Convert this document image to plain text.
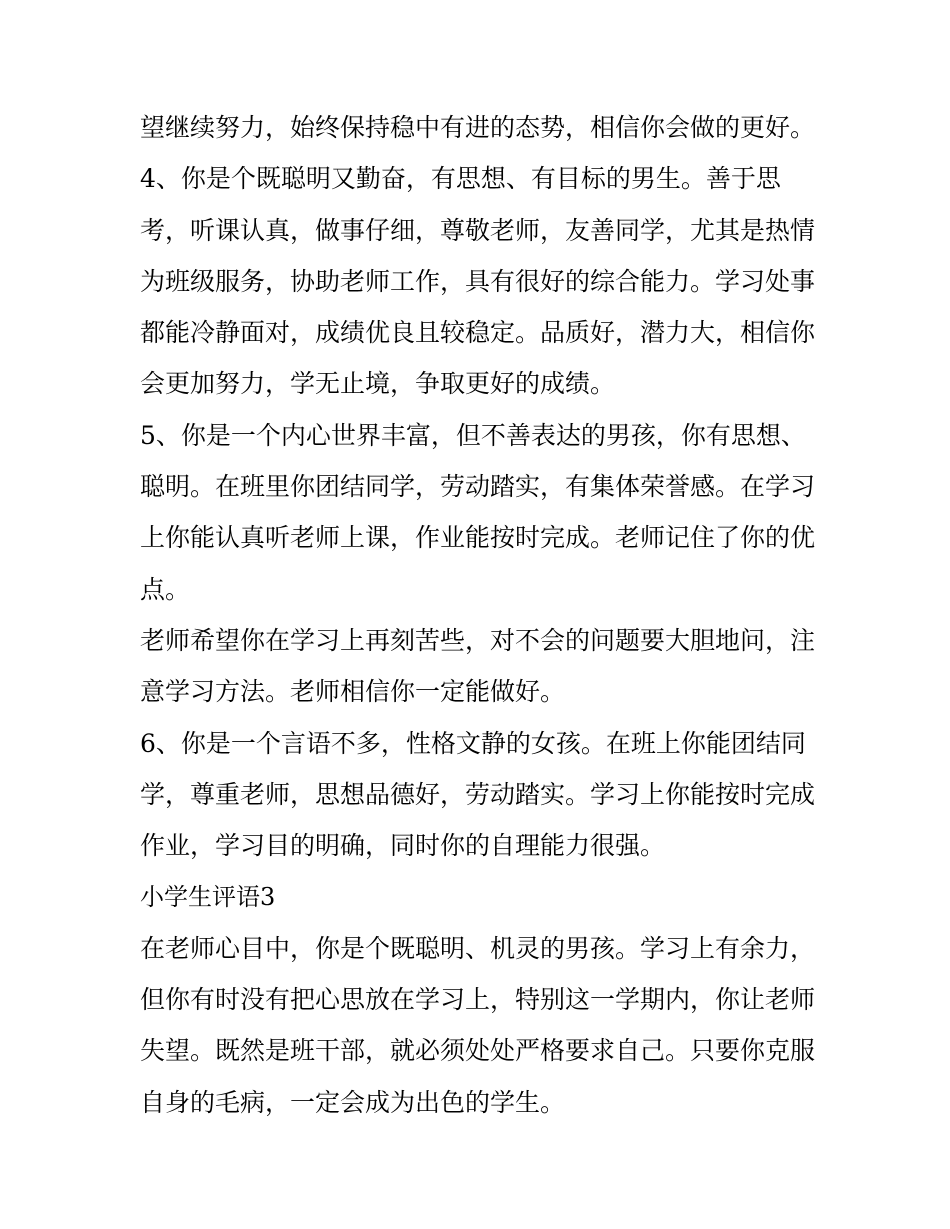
望继续努力，始终保持稳中有进的态势，相信你会做的更好。
4、你是个既聪明又勤奋，有思想、有目标的男生。善于思
考，听课认真，做事仔细，尊敬老师，友善同学，尤其是热情
为班级服务，协助老师工作，具有很好的综合能力。学习处事
都能冷静面对，成绩优良且较稳定。品质好，潜力大，相信你
会更加努力，学无止境，争取更好的成绩。
5、你是一个内心世界丰富，但不善表达的男孩，你有思想、
聪明。在班里你团结同学，劳动踏实，有集体荣誉感。在学习
上你能认真听老师上课，作业能按时完成。老师记住了你的优
点。
老师希望你在学习上再刻苦些，对不会的问题要大胆地问，注
意学习方法。老师相信你一定能做好。
6、你是一个言语不多，性格文静的女孩。在班上你能团结同
学，尊重老师，思想品德好，劳动踏实。学习上你能按时完成
作业，学习目的明确，同时你的自理能力很强。
小学生评语3
在老师心目中，你是个既聪明、机灵的男孩。学习上有余力，
但你有时没有把心思放在学习上，特别这一学期内，你让老师
失望。既然是班干部，就必须处处严格要求自己。只要你克服
自身的毛病，一定会成为出色的学生。
